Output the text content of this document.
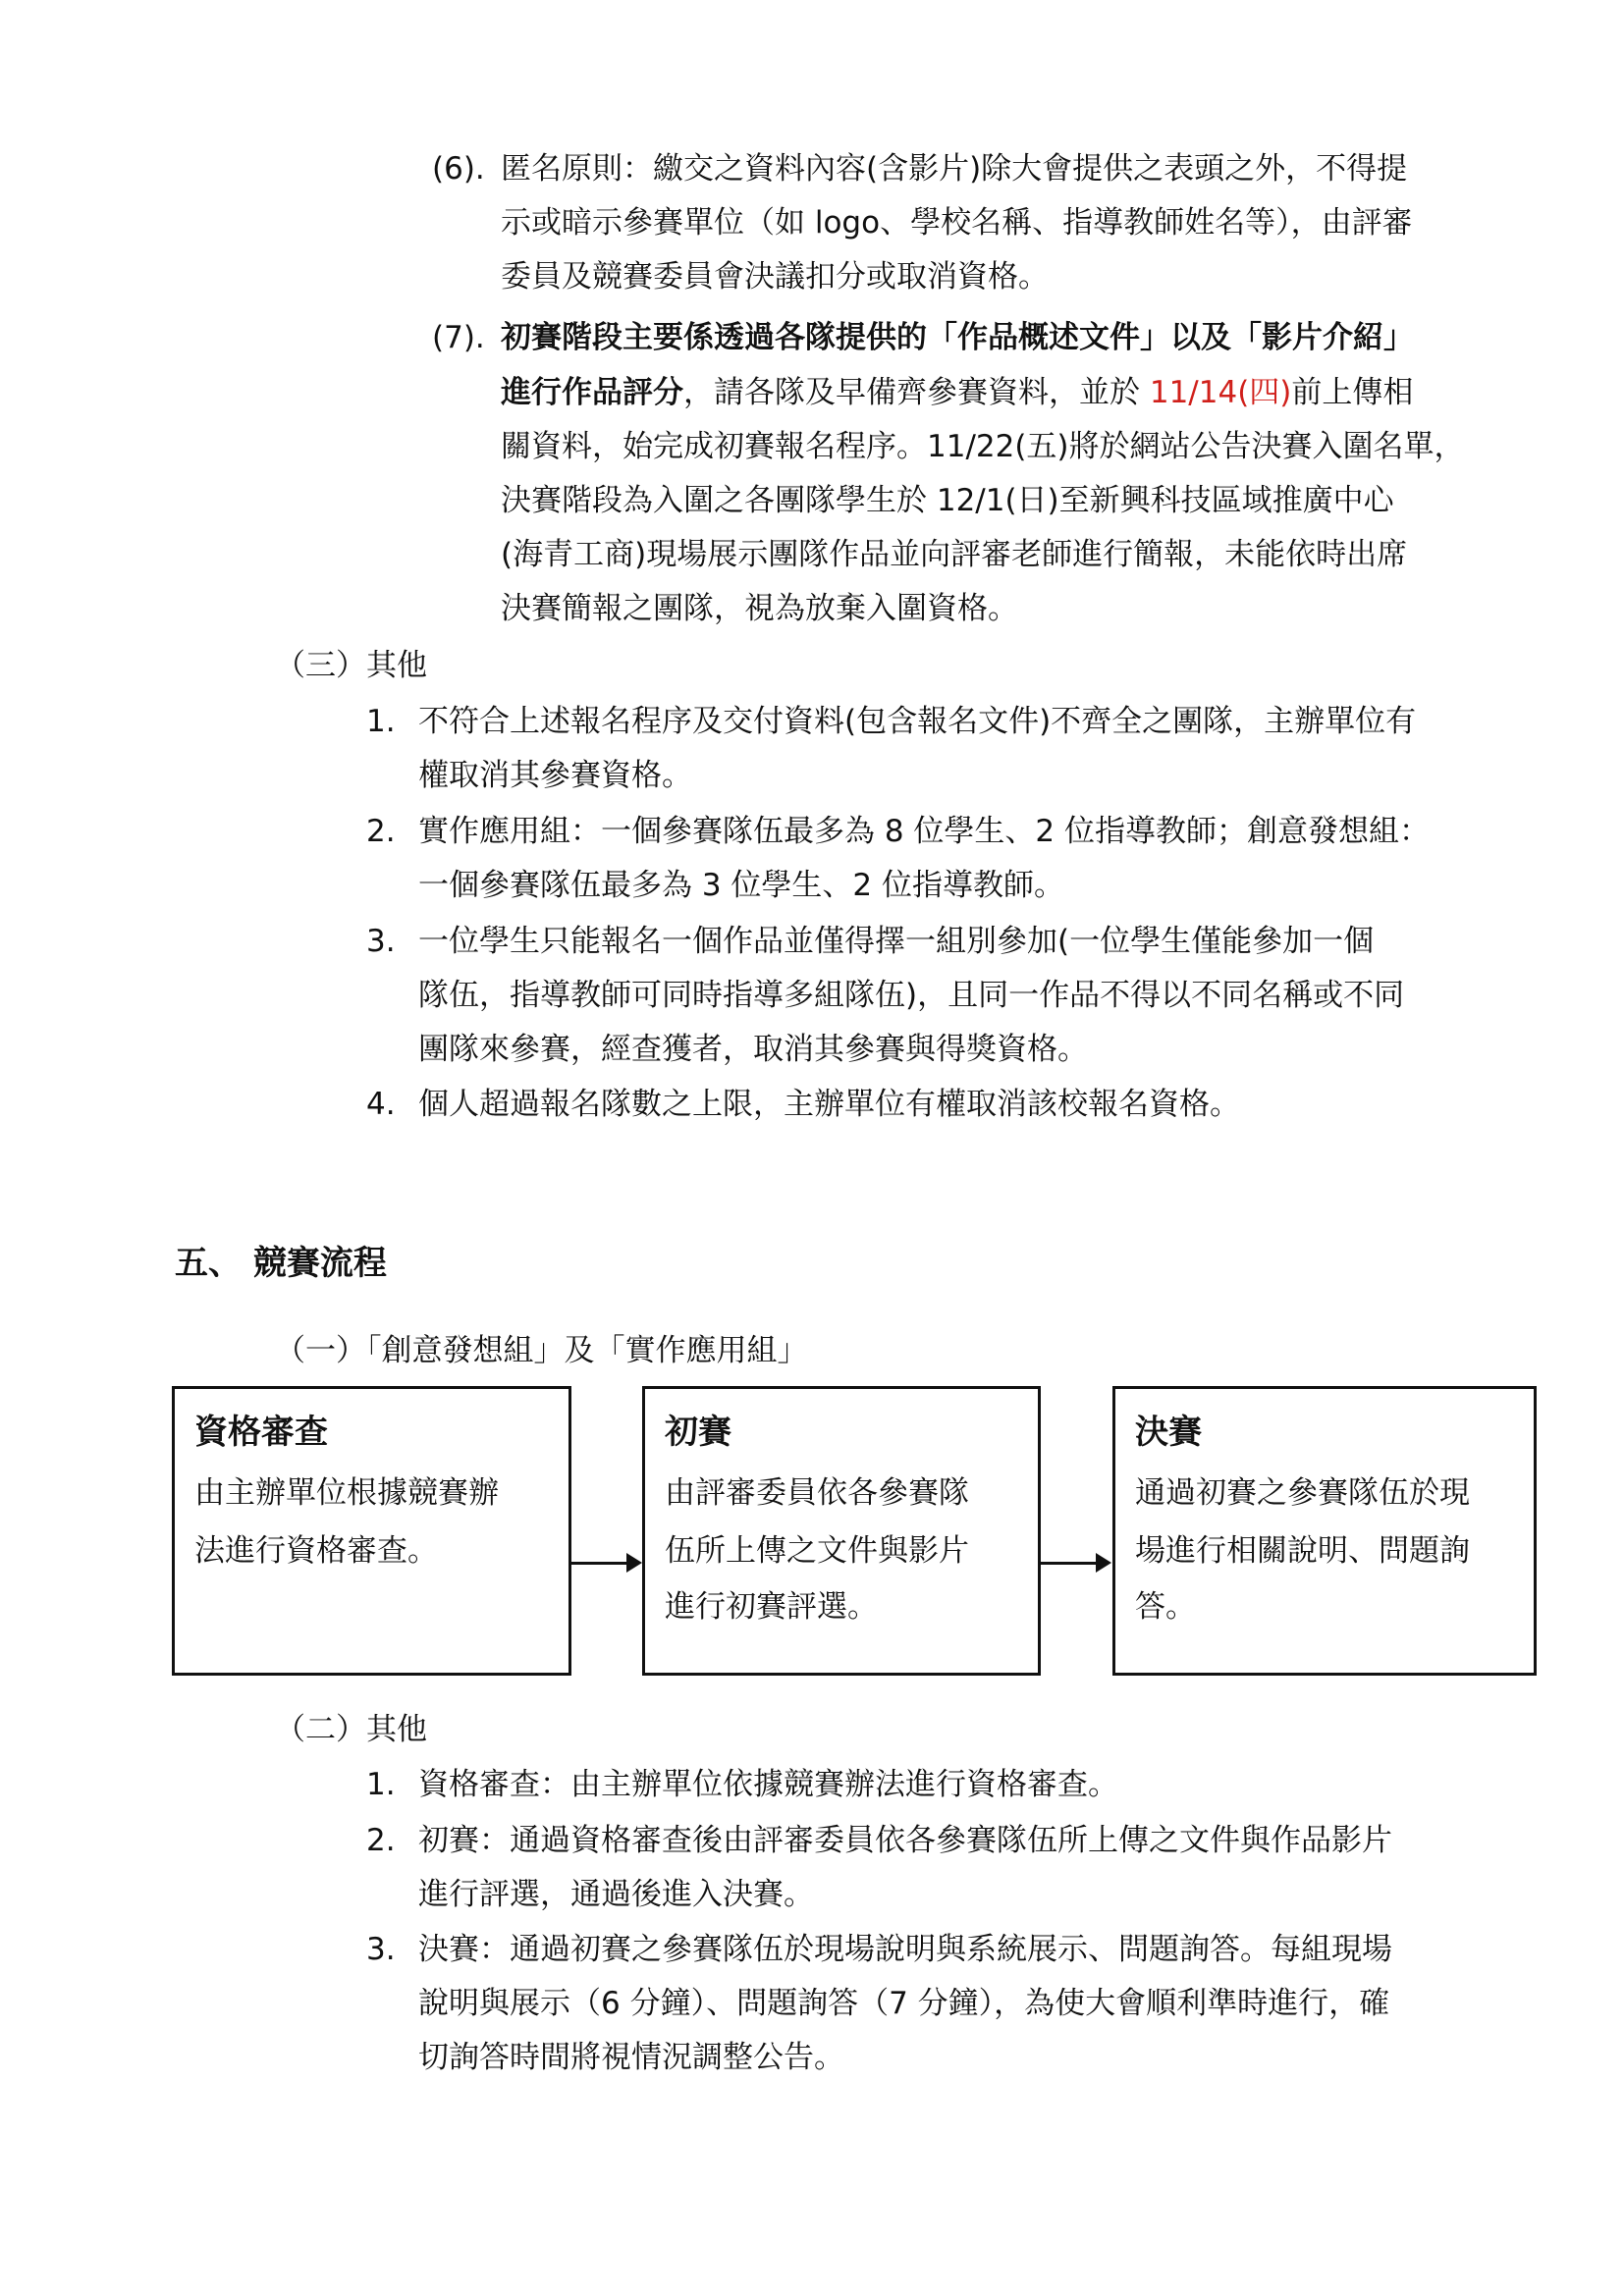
(6). 匿名原則：繳交之資料內容(含影片)除大會提供之表頭之外，不得提
示或暗示參賽單位（如 logo、學校名稱、指導教師姓名等），由評審
委員及競賽委員會決議扣分或取消資格。
(7). 初賽階段主要係透過各隊提供的「作品概述文件」以及「影片介紹」
進行作品評分，請各隊及早備齊參賽資料，並於 11/14(四)前上傳相
關資料，始完成初賽報名程序。11/22(五)將於網站公告決賽入圍名單，
決賽階段為入圍之各團隊學生於 12/1(日)至新興科技區域推廣中心
(海青工商)現場展示團隊作品並向評審老師進行簡報，未能依時出席
決賽簡報之團隊，視為放棄入圍資格。
（三）其他
1. 不符合上述報名程序及交付資料(包含報名文件)不齊全之團隊，主辦單位有
權取消其參賽資格。
2. 實作應用組：一個參賽隊伍最多為 8 位學生、2 位指導教師；創意發想組：
一個參賽隊伍最多為 3 位學生、2 位指導教師。
3. 一位學生只能報名一個作品並僅得擇一組別參加(一位學生僅能參加一個
隊伍，指導教師可同時指導多組隊伍)，且同一作品不得以不同名稱或不同
團隊來參賽，經查獲者，取消其參賽與得獎資格。
4. 個人超過報名隊數之上限，主辦單位有權取消該校報名資格。
五、 競賽流程
（一）「創意發想組」及「實作應用組」
資格審查
由主辦單位根據競賽辦
法進行資格審查。
初賽
由評審委員依各參賽隊
伍所上傳之文件與影片
進行初賽評選。
決賽
通過初賽之參賽隊伍於現
場進行相關說明、問題詢
答。
（二）其他
1. 資格審查：由主辦單位依據競賽辦法進行資格審查。
2. 初賽：通過資格審查後由評審委員依各參賽隊伍所上傳之文件與作品影片
進行評選，通過後進入決賽。
3. 決賽：通過初賽之參賽隊伍於現場說明與系統展示、問題詢答。每組現場
說明與展示（6 分鐘）、問題詢答（7 分鐘），為使大會順利準時進行，確
切詢答時間將視情況調整公告。
